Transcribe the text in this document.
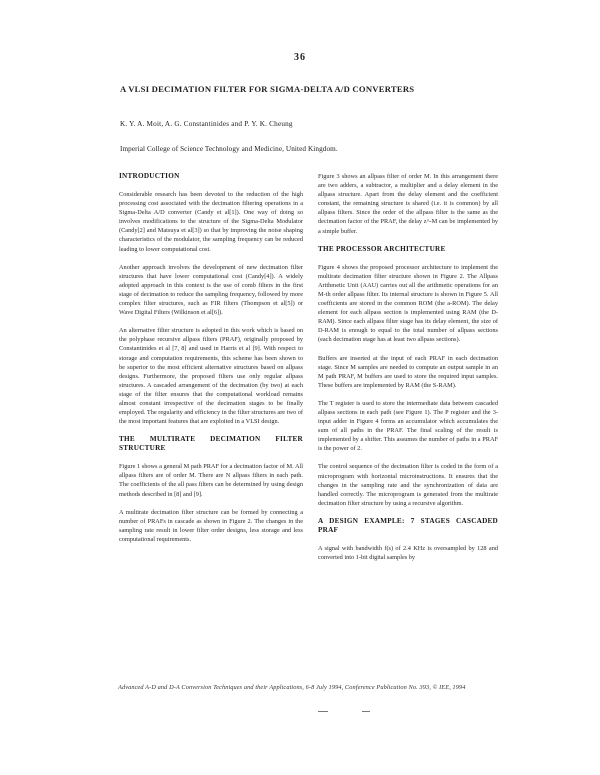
36
A VLSI DECIMATION FILTER FOR SIGMA-DELTA A/D CONVERTERS
K. Y. A. Moit, A. G. Constantinides and P. Y. K. Cheung
Imperial College of Science Technology and Medicine, United Kingdom.
INTRODUCTION

Considerable research has been devoted to the reduction of the high processing cost associated with the decimation filtering operations in a Sigma-Delta A/D converter (Candy et al[1]). One way of doing so involves modifications to the structure of the Sigma-Delta Modulator (Candy[2] and Matsuya et al[3]) so that by improving the noise shaping characteristics of the modulator, the sampling frequency can be reduced leading to lower computational cost.

Another approach involves the development of new decimation filter structures that have lower computational cost (Candy[4]). A widely adopted approach in this context is the use of comb filters in the first stage of decimation to reduce the sampling frequency, followed by more complex filter structures, such as FIR filters (Thompson et al[5]) or Wave Digital Filters (Wilkinson et al[6]).

An alternative filter structure is adopted in this work which is based on the polyphase recursive allpass filters (PRAF), originally proposed by Constantinides et al [7, 8] and used in Harris et al [9]. With respect to storage and computation requirements, this scheme has been shown to be superior to the most efficient alternative structures based on allpass designs. Furthermore, the proposed filters use only regular allpass structures. A cascaded arrangement of the decimation (by two) at each stage of the filter ensures that the computational workload remains almost constant irrespective of the decimation stages to be finally employed. The regularity and efficiency in the filter structures are two of the most important features that are exploited in a VLSI design.

THE MULTIRATE DECIMATION FILTER STRUCTURE

Figure 1 shows a general M path PRAF for a decimation factor of M. All allpass filters are of order M. There are N allpass filters in each path. The coefficients of the all pass filters can be determined by using design methods described in [8] and [9].

A multirate decimation filter structure can be formed by connecting a number of PRAFs in cascade as shown in Figure 2. The changes in the sampling rate result in lower filter order designs, less storage and less computational requirements.

Figure 3 shows an allpass filter of order M. In this arrangement there are two adders, a subtractor, a multiplier and a delay element in the allpass structure. Apart from the delay element and the coefficient constant, the remaining structure is shared (i.e. it is common) by all allpass filters. Since the order of the allpass filter is the same as the decimation factor of the PRAF, the delay z^-M can be implemented by a simple buffer.

THE PROCESSOR ARCHITECTURE

Figure 4 shows the proposed processor architecture to implement the multirate decimation filter structure shown in Figure 2. The Allpass Arithmetic Unit (AAU) carries out all the arithmetic operations for an M-th order allpass filter. Its internal structure is shown in Figure 5. All coefficients are stored in the common ROM (the a-ROM). The delay element for each allpass section is implemented using RAM (the D-RAM). Since each allpass filter stage has its delay element, the size of D-RAM is enough to equal to the total number of allpass sections (each decimation stage has at least two allpass sections).

Buffers are inserted at the input of each PRAF in each decimation stage. Since M samples are needed to compute an output sample in an M path PRAF, M buffers are used to store the required input samples. These buffers are implemented by RAM (the S-RAM).

The T register is used to store the intermediate data between cascaded allpass sections in each path (see Figure 1). The P register and the 3-input adder in Figure 4 forms an accumulator which accumulates the sum of all paths in the PRAF. The final scaling of the result is implemented by a shifter. This assumes the number of paths in a PRAF is the power of 2.

The control sequence of the decimation filter is coded in the form of a microprogram with horizontal microinstructions. It ensures that the changes in the sampling rate and the synchronization of data are handled correctly. The microprogram is generated from the multirate decimation filter structure by using a recursive algorithm.

A DESIGN EXAMPLE: 7 STAGES CASCADED PRAF

A signal with bandwidth f(s) of 2.4 KHz is oversampled by 128 and converted into 1-bit digital samples by

Advanced A-D and D-A Conversion Techniques and their Applications, 6-8 July 1994, Conference Publication No. 393, © IEE, 1994
